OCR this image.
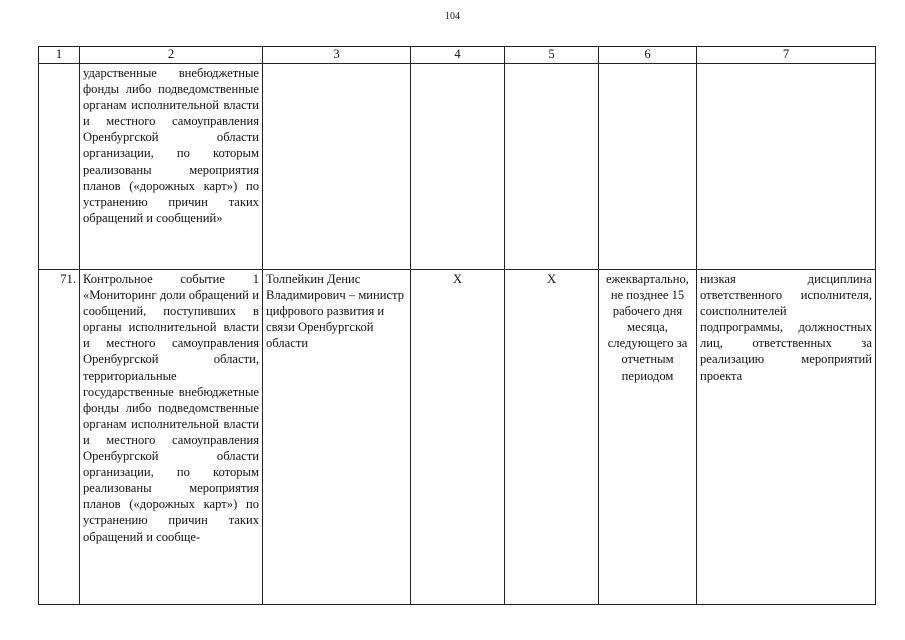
104
1	2	3	4	5	6	7

	ударственные внебюджетные фонды либо подведомственные органам исполнительной власти и местного самоуправления Оренбургской области организации, по которым реализованы мероприятия планов («дорожных карт») по устранению причин таких обращений и сообщений»					

71.	Контрольное событие 1 «Мониторинг доли обращений и сообщений, поступивших в органы исполнительной власти и местного самоуправления Оренбургской области, территориальные государственные внебюджетные фонды либо подведомственные органам исполнительной власти и местного самоуправления Оренбургской области организации, по которым реализованы мероприятия планов («дорожных карт») по устранению причин таких обращений и сообще-	Толпейкин Денис Владимирович – министр цифрового развития и связи Оренбургской области	X	X	ежеквартально, не позднее 15 рабочего дня месяца, следующего за отчетным периодом	низкая дисциплина ответственного исполнителя, соисполнителей подпрограммы, должностных лиц, ответственных за реализацию мероприятий проекта
